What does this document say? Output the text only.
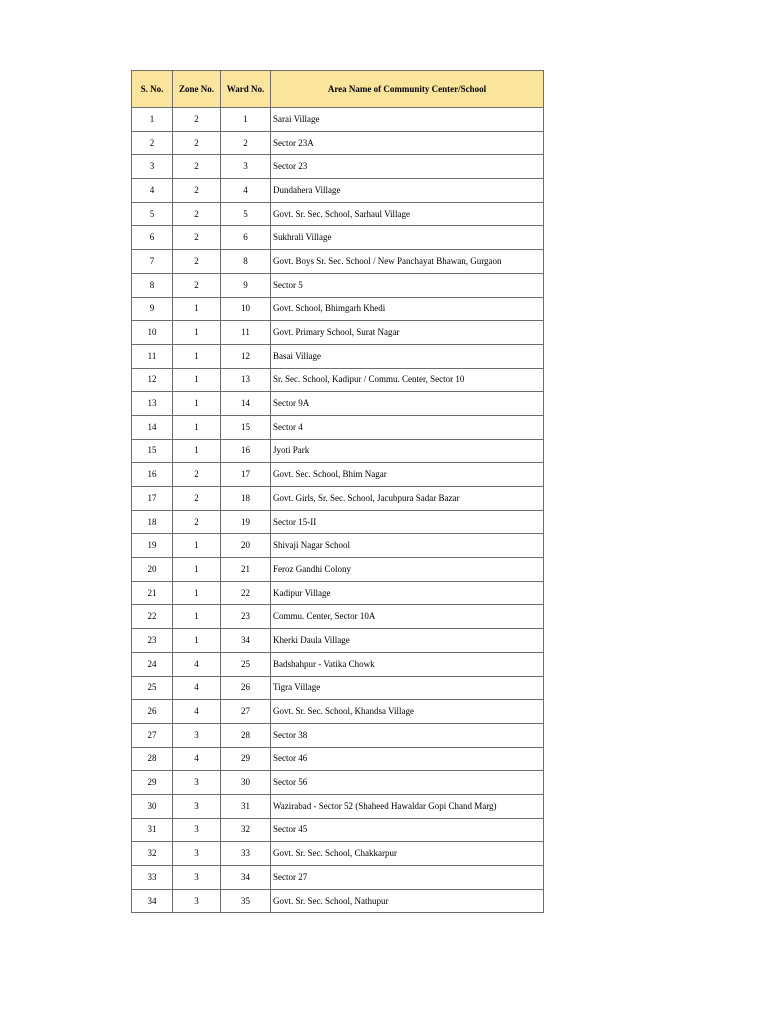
S. No.	Zone No.	Ward No.	Area Name of Community Center/School
1	2	1	Sarai Village
2	2	2	Sector 23A
3	2	3	Sector 23
4	2	4	Dundahera Village
5	2	5	Govt. Sr. Sec. School, Sarhaul Village
6	2	6	Sukhrali Village
7	2	8	Govt. Boys Sr. Sec. School / New Panchayat Bhawan, Gurgaon
8	2	9	Sector 5
9	1	10	Govt. School, Bhimgarh Khedi
10	1	11	Govt. Primary School, Surat Nagar
11	1	12	Basai Village
12	1	13	Sr. Sec. School, Kadipur / Commu. Center, Sector 10
13	1	14	Sector 9A
14	1	15	Sector 4
15	1	16	Jyoti Park
16	2	17	Govt. Sec. School, Bhim Nagar
17	2	18	Govt. Girls, Sr. Sec. School, Jacubpura Sadar Bazar
18	2	19	Sector 15-II
19	1	20	Shivaji Nagar School
20	1	21	Feroz Gandhi Colony
21	1	22	Kadipur Village
22	1	23	Commu. Center, Sector 10A
23	1	34	Kherki Daula Village
24	4	25	Badshahpur - Vatika Chowk
25	4	26	Tigra Village
26	4	27	Govt. Sr. Sec. School, Khandsa Village
27	3	28	Sector 38
28	4	29	Sector 46
29	3	30	Sector 56
30	3	31	Wazirabad - Sector 52 (Shaheed Hawaldar Gopi Chand Marg)
31	3	32	Sector 45
32	3	33	Govt. Sr. Sec. School, Chakkarpur
33	3	34	Sector 27
34	3	35	Govt. Sr. Sec. School, Nathupur
